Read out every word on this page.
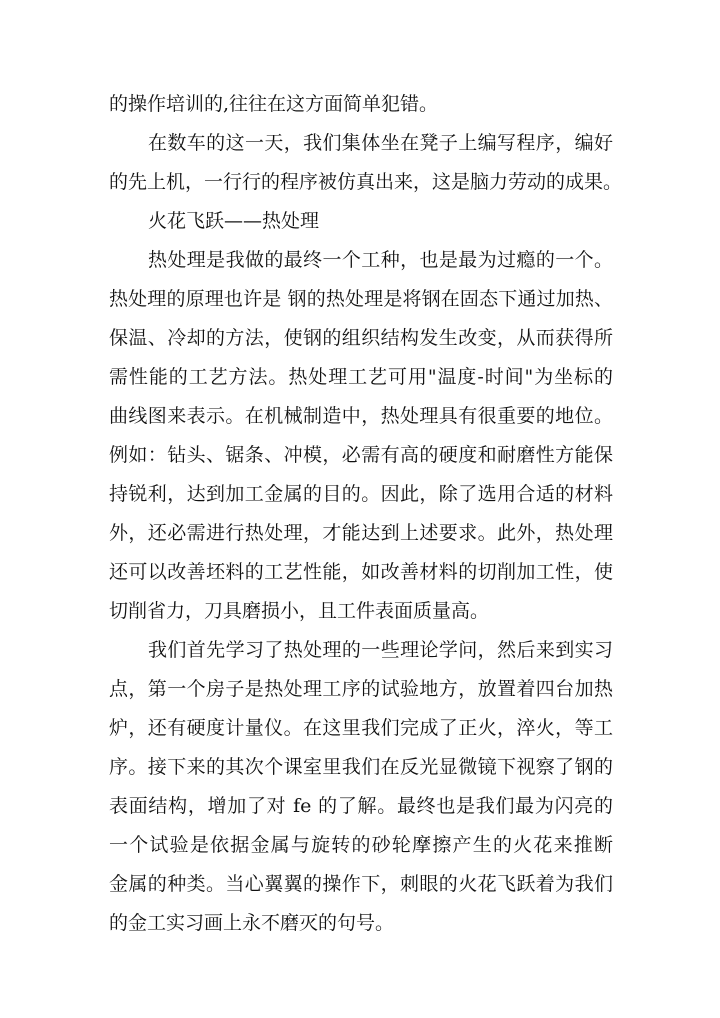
的操作培训的,往往在这方面简单犯错。
在数车的这一天，我们集体坐在凳子上编写程序，编好
的先上机，一行行的程序被仿真出来，这是脑力劳动的成果。
火花飞跃——热处理
热处理是我做的最终一个工种，也是最为过瘾的一个。
热处理的原理也许是 钢的热处理是将钢在固态下通过加热、
保温、冷却的方法，使钢的组织结构发生改变，从而获得所
需性能的工艺方法。热处理工艺可用"温度-时间"为坐标的
曲线图来表示。在机械制造中，热处理具有很重要的地位。
例如：钻头、锯条、冲模，必需有高的硬度和耐磨性方能保
持锐利，达到加工金属的目的。因此，除了选用合适的材料
外，还必需进行热处理，才能达到上述要求。此外，热处理
还可以改善坯料的工艺性能，如改善材料的切削加工性，使
切削省力，刀具磨损小，且工件表面质量高。
我们首先学习了热处理的一些理论学问，然后来到实习
点，第一个房子是热处理工序的试验地方，放置着四台加热
炉，还有硬度计量仪。在这里我们完成了正火，淬火，等工
序。接下来的其次个课室里我们在反光显微镜下视察了钢的
表面结构，增加了对 fe 的了解。最终也是我们最为闪亮的
一个试验是依据金属与旋转的砂轮摩擦产生的火花来推断
金属的种类。当心翼翼的操作下，刺眼的火花飞跃着为我们
的金工实习画上永不磨灭的句号。
